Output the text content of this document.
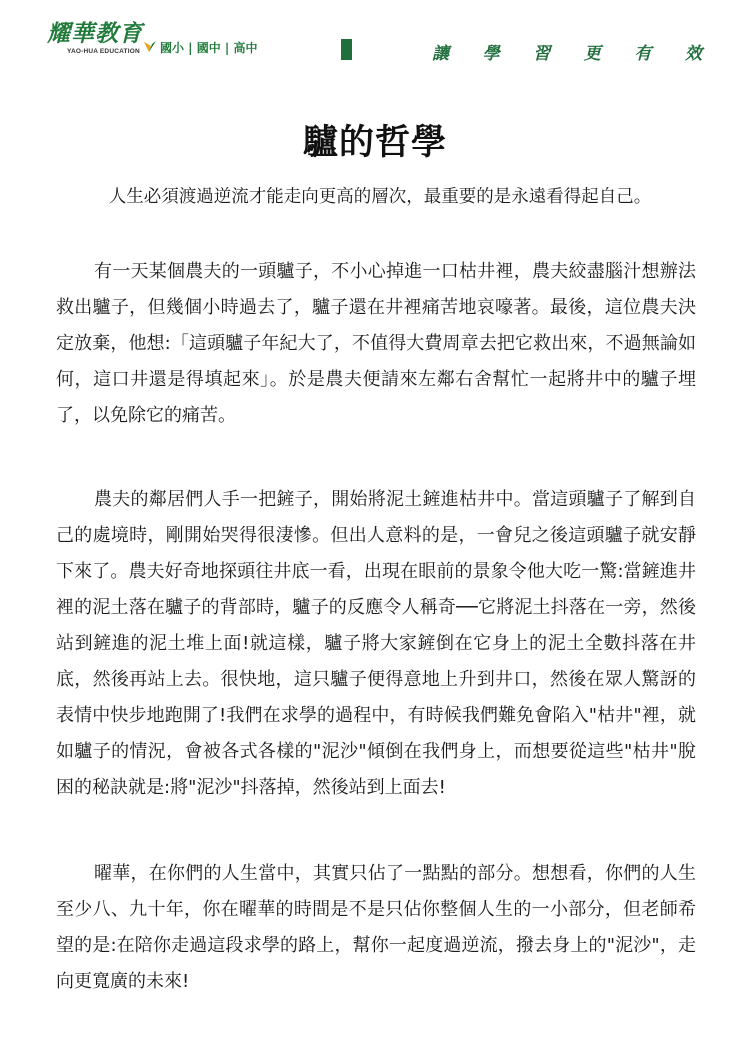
耀華教育
YAO-HUA EDUCATION 國小 | 國中 | 高中	讓 學 習 更 有 效
驢的哲學
人生必須渡過逆流才能走向更高的層次，最重要的是永遠看得起自己。

有一天某個農夫的一頭驢子，不小心掉進一口枯井裡，農夫絞盡腦汁想辦法救出驢子，但幾個小時過去了，驢子還在井裡痛苦地哀嚎著。最後，這位農夫決定放棄，他想:「這頭驢子年紀大了，不值得大費周章去把它救出來，不過無論如何，這口井還是得填起來」。於是農夫便請來左鄰右舍幫忙一起將井中的驢子埋了，以免除它的痛苦。

農夫的鄰居們人手一把鏟子，開始將泥土鏟進枯井中。當這頭驢子了解到自己的處境時，剛開始哭得很淒慘。但出人意料的是，一會兒之後這頭驢子就安靜下來了。農夫好奇地探頭往井底一看，出現在眼前的景象令他大吃一驚:當鏟進井裡的泥土落在驢子的背部時，驢子的反應令人稱奇──它將泥土抖落在一旁，然後站到鏟進的泥土堆上面!就這樣，驢子將大家鏟倒在它身上的泥土全數抖落在井底，然後再站上去。很快地，這只驢子便得意地上升到井口，然後在眾人驚訝的表情中快步地跑開了!我們在求學的過程中，有時候我們難免會陷入"枯井"裡，就如驢子的情況，會被各式各樣的"泥沙"傾倒在我們身上，而想要從這些"枯井"脫困的秘訣就是:將"泥沙"抖落掉，然後站到上面去!

曜華，在你們的人生當中，其實只佔了一點點的部分。想想看，你們的人生至少八、九十年，你在曜華的時間是不是只佔你整個人生的一小部分，但老師希望的是:在陪你走過這段求學的路上，幫你一起度過逆流，撥去身上的"泥沙"，走向更寬廣的未來!
